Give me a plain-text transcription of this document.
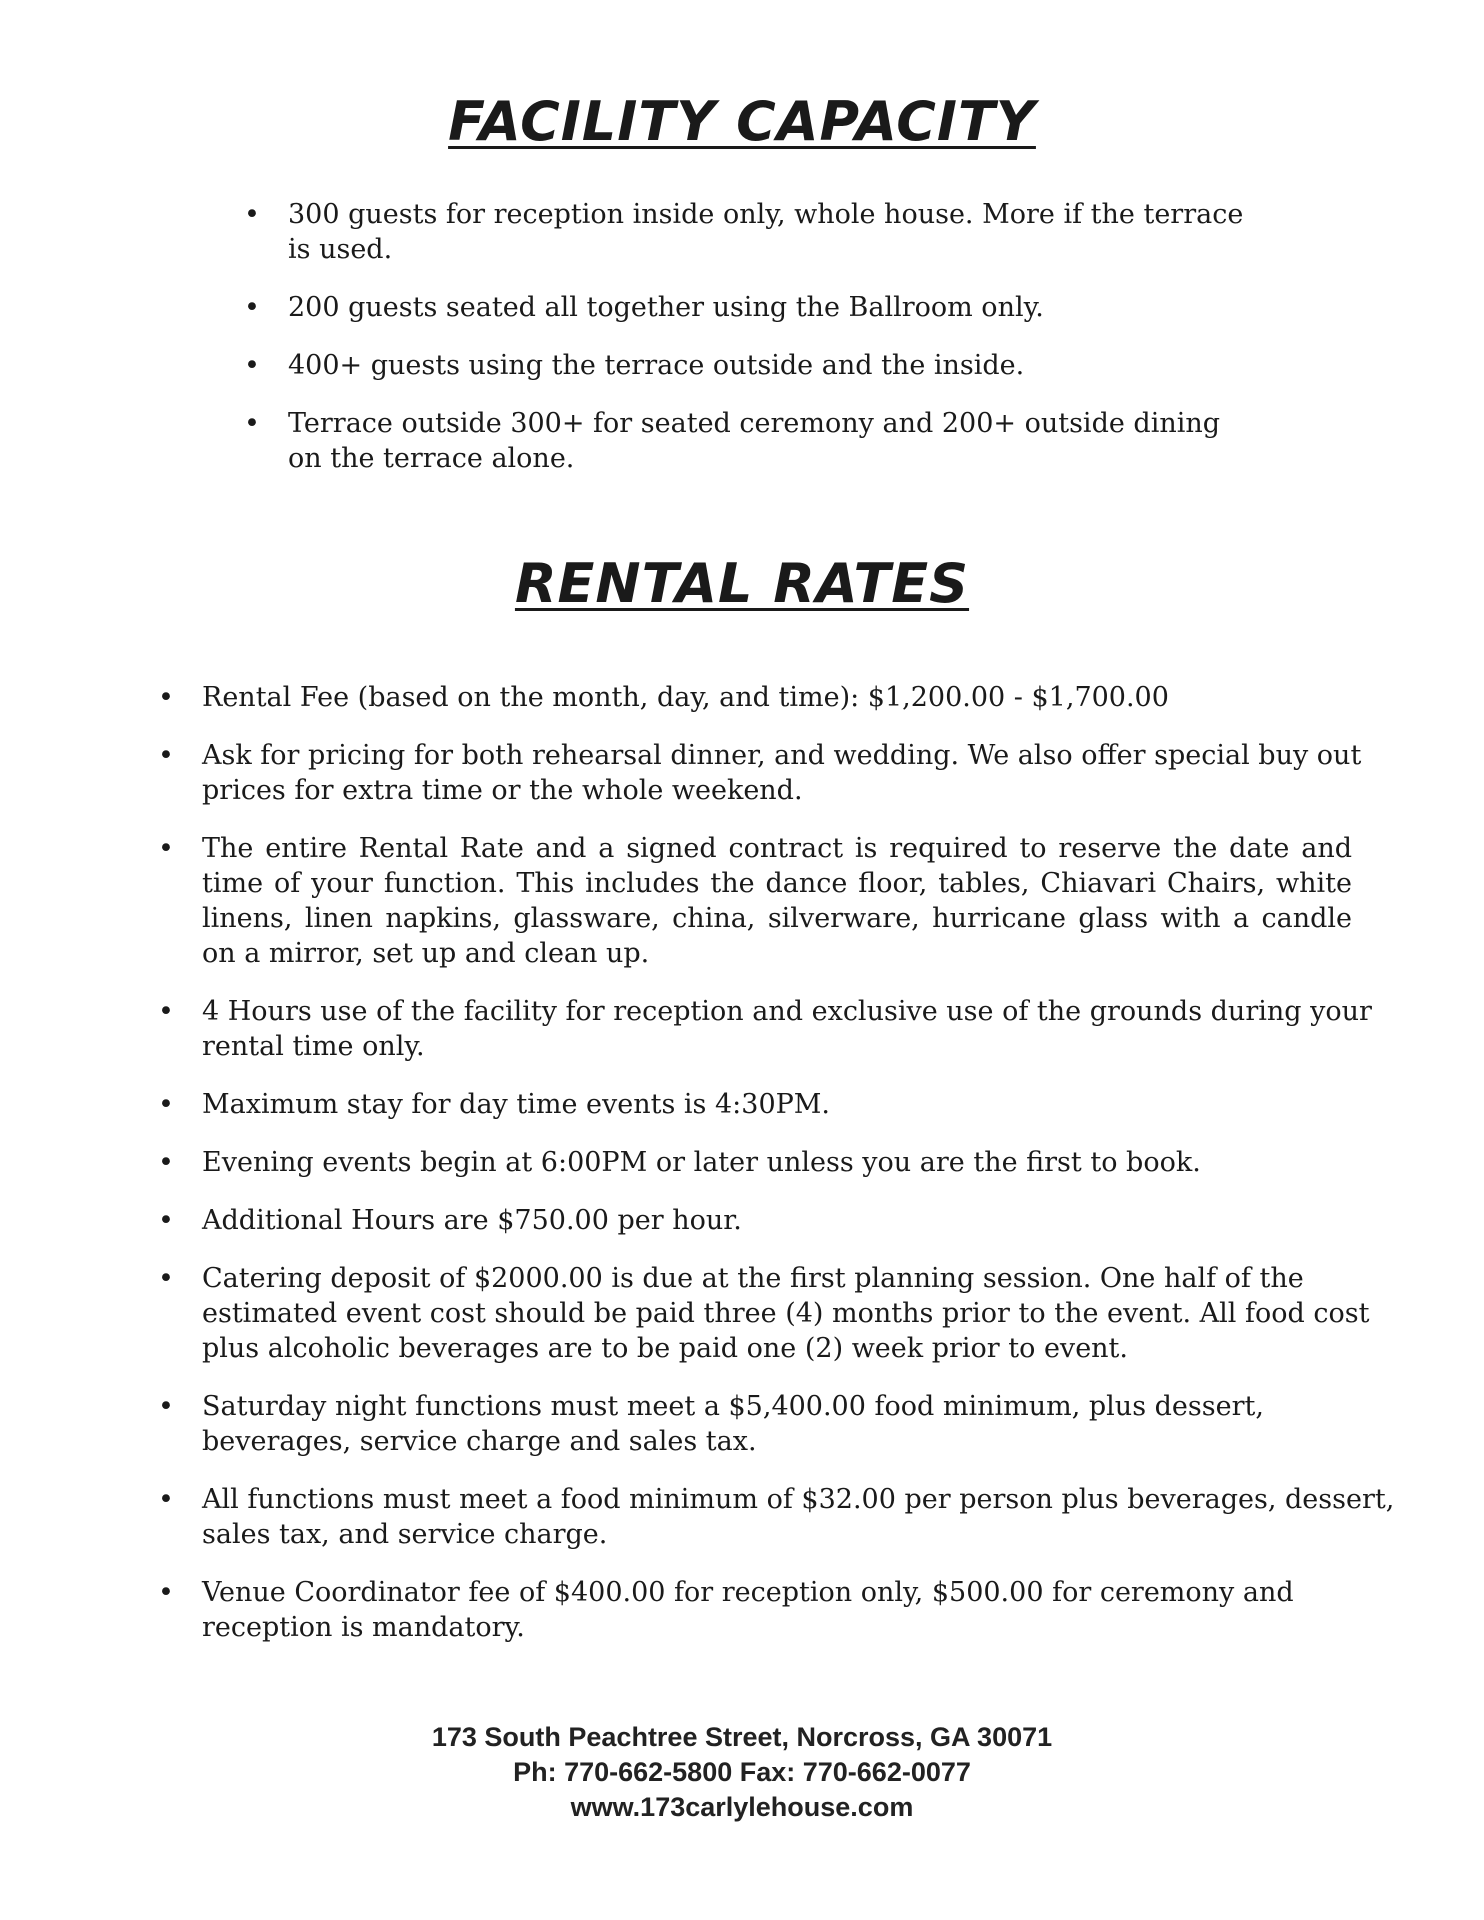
FACILITY CAPACITY
• 300 guests for reception inside only, whole house. More if the terrace is used.
• 200 guests seated all together using the Ballroom only.
• 400+ guests using the terrace outside and the inside.
• Terrace outside 300+ for seated ceremony and 200+ outside dining on the terrace alone.
RENTAL RATES
• Rental Fee (based on the month, day, and time): $1,200.00 - $1,700.00
• Ask for pricing for both rehearsal dinner, and wedding. We also offer special buy out prices for extra time or the whole weekend.
• The entire Rental Rate and a signed contract is required to reserve the date and time of your function. This includes the dance floor, tables, Chiavari Chairs, white linens, linen napkins, glassware, china, silverware, hurricane glass with a candle on a mirror, set up and clean up.
• 4 Hours use of the facility for reception and exclusive use of the grounds during your rental time only.
• Maximum stay for day time events is 4:30PM.
• Evening events begin at 6:00PM or later unless you are the first to book.
• Additional Hours are $750.00 per hour.
• Catering deposit of $2000.00 is due at the first planning session. One half of the estimated event cost should be paid three (4) months prior to the event. All food cost plus alcoholic beverages are to be paid one (2) week prior to event.
• Saturday night functions must meet a $5,400.00 food minimum, plus dessert, beverages, service charge and sales tax.
• All functions must meet a food minimum of $32.00 per person plus beverages, dessert, sales tax, and service charge.
• Venue Coordinator fee of $400.00 for reception only, $500.00 for ceremony and reception is mandatory.
173 South Peachtree Street, Norcross, GA 30071
Ph: 770-662-5800 Fax: 770-662-0077
www.173carlylehouse.com
